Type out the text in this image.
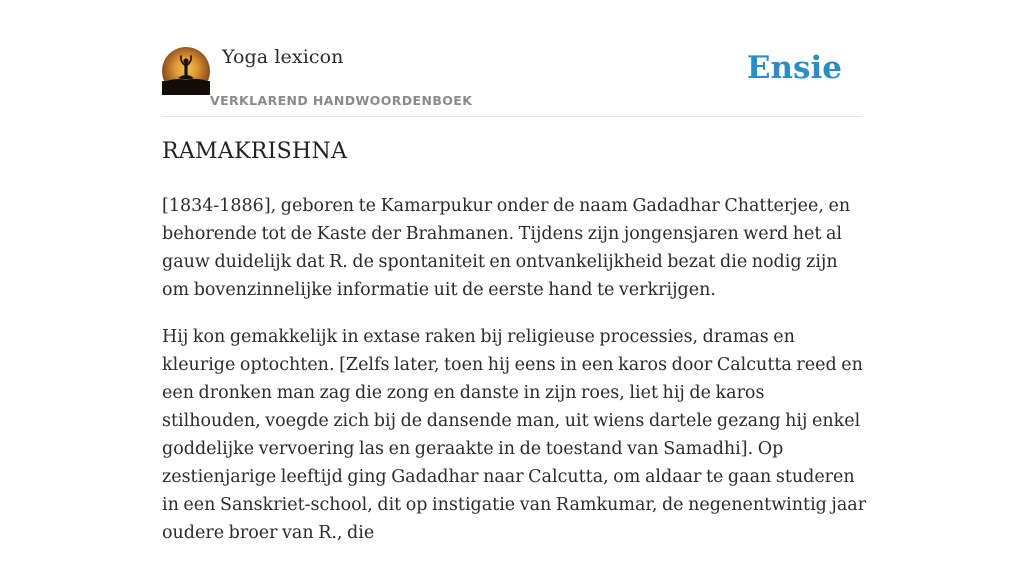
Yoga lexicon
VERKLAREND HANDWOORDENBOEK
Ensie
RAMAKRISHNA

[1834-1886], geboren te Kamarpukur onder de naam Gadadhar Chatterjee, en behorende tot de Kaste der Brahmanen. Tijdens zijn jongensjaren werd het al gauw duidelijk dat R. de spontaniteit en ontvankelijkheid bezat die nodig zijn om bovenzinnelijke informatie uit de eerste hand te verkrijgen.

Hij kon gemakkelijk in extase raken bij religieuse processies, dramas en kleurige optochten. [Zelfs later, toen hij eens in een karos door Calcutta reed en een dronken man zag die zong en danste in zijn roes, liet hij de karos stilhouden, voegde zich bij de dansende man, uit wiens dartele gezang hij enkel goddelijke vervoering las en geraakte in de toestand van Samadhi]. Op zestienjarige leeftijd ging Gadadhar naar Calcutta, om aldaar te gaan studeren in een Sanskriet-school, dit op instigatie van Ramkumar, de negenentwintig jaar oudere broer van R., die
